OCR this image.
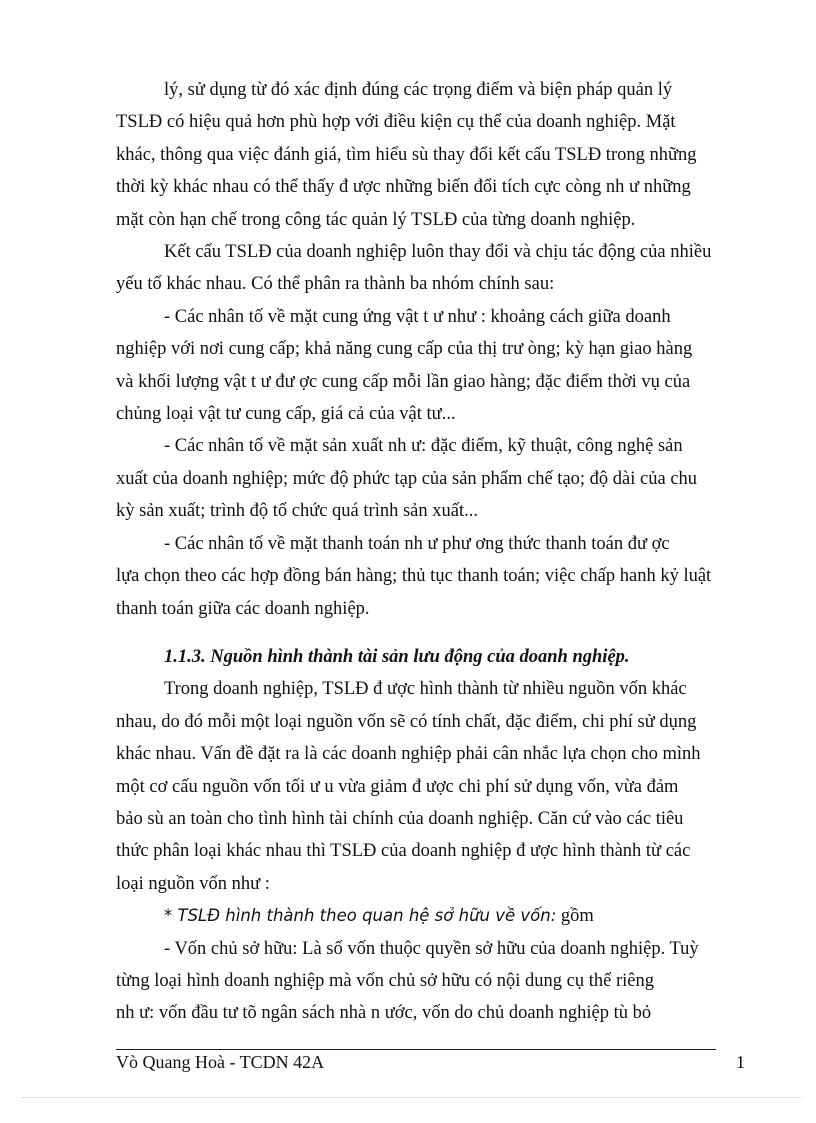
lý, sử dụng từ đó xác định đúng các trọng điểm và biện pháp quản lý
TSLĐ có hiệu quả hơn phù hợp với điều kiện cụ thể của doanh nghiệp. Mặt
khác, thông qua việc đánh giá, tìm hiểu sù thay đổi kết cấu TSLĐ trong những
thời kỳ khác nhau có thể thấy đ ược những biến đổi tích cực còng nh ư những
mặt còn hạn chế trong công tác quản lý TSLĐ của từng doanh nghiệp.

Kết cấu TSLĐ của doanh nghiệp luôn thay đổi và chịu tác động của nhiều
yếu tố khác nhau. Có thể phân ra thành ba nhóm chính sau:

- Các nhân tố về mặt cung ứng vật t ư như : khoảng cách giữa doanh
nghiệp với nơi cung cấp; khả năng cung cấp của thị trư òng; kỳ hạn giao hàng
và khối lượng vật t ư đư ợc cung cấp mỗi lần giao hàng; đặc điểm thời vụ của
chủng loại vật tư cung cấp, giá cả của vật tư...

- Các nhân tố về mặt sản xuất nh ư: đặc điểm, kỹ thuật, công nghệ sản
xuất của doanh nghiệp; mức độ phức tạp của sản phẩm chế tạo; độ dài của chu
kỳ sản xuất; trình độ tổ chức quá trình sản xuất...

- Các nhân tố về mặt thanh toán nh ư phư ơng thức thanh toán đư ợc
lựa chọn theo các hợp đồng bán hàng; thủ tục thanh toán; việc chấp hanh kỷ luật
thanh toán giữa các doanh nghiệp.

1.1.3. Nguồn hình thành tài sản lưu động của doanh nghiệp.

Trong doanh nghiệp, TSLĐ đ ược hình thành từ nhiều nguồn vốn khác
nhau, do đó mỗi một loại nguồn vốn sẽ có tính chất, đặc điểm, chi phí sử dụng
khác nhau. Vấn đề đặt ra là các doanh nghiệp phải cân nhắc lựa chọn cho mình
một cơ cấu nguồn vốn tối ư u vừa giảm đ ược chi phí sử dụng vốn, vừa đảm
bảo sù an toàn cho tình hình tài chính của doanh nghiệp. Căn cứ vào các tiêu
thức phân loại khác nhau thì TSLĐ của doanh nghiệp đ ược hình thành từ các
loại nguồn vốn như :

* TSLĐ hình thành theo quan hệ sở hữu về vốn: gồm

- Vốn chủ sở hữu: Là số vốn thuộc quyền sở hữu của doanh nghiệp. Tuỳ
từng loại hình doanh nghiệp mà vốn chủ sở hữu có nội dung cụ thể riêng
nh ư: vốn đầu tư tõ ngân sách nhà n ước, vốn do chủ doanh nghiệp tù bỏ

Vò Quang Hoà - TCDN 42A	1
